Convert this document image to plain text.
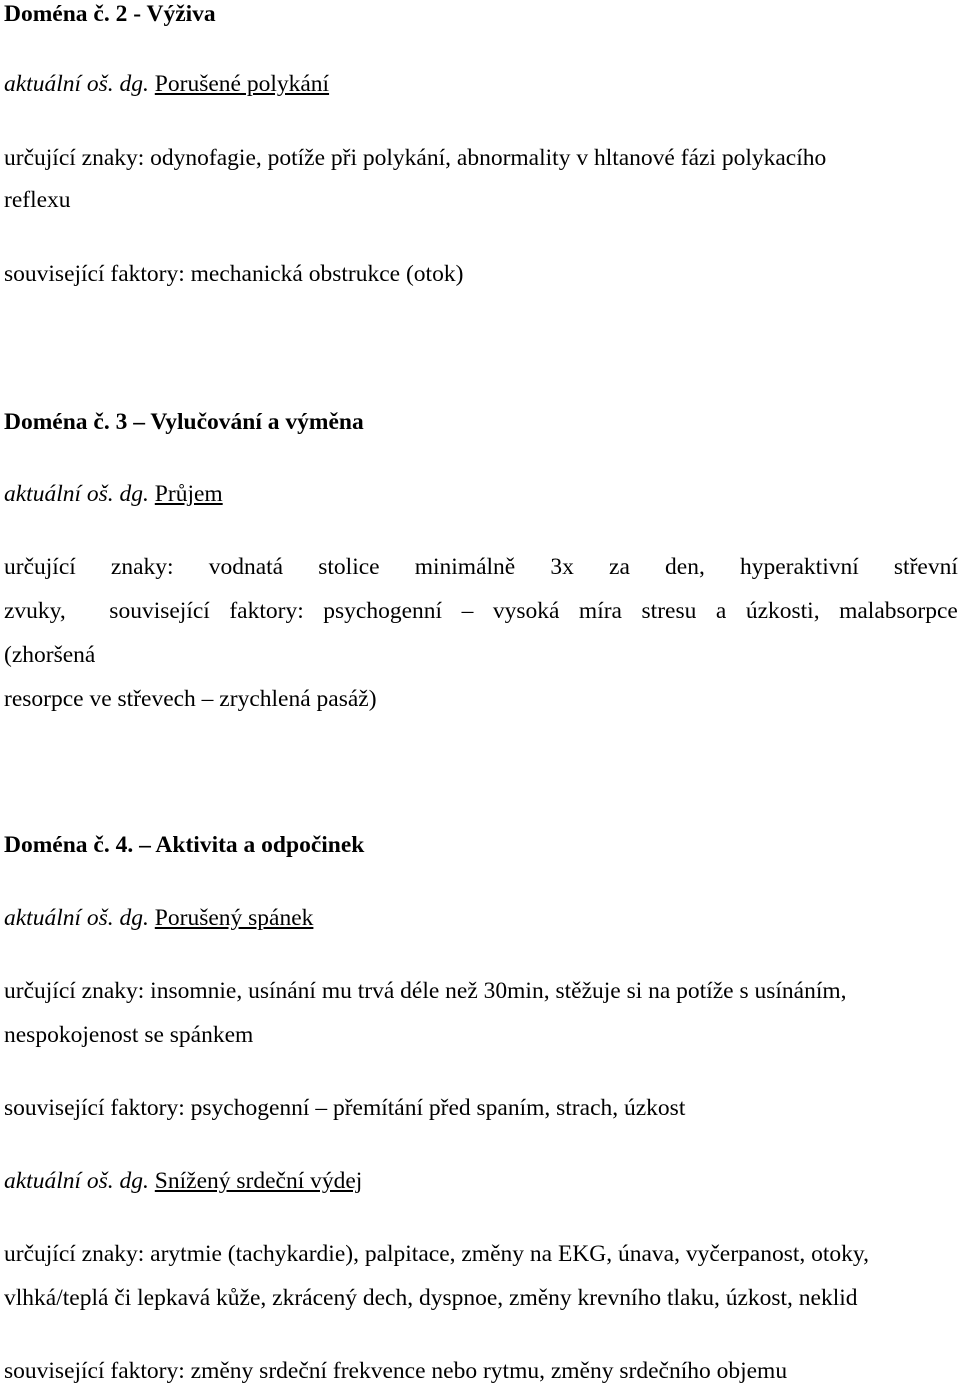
Doména č. 2 - Výživa
aktuální oš. dg. Porušené polykání
určující znaky: odynofagie, potíže při polykání, abnormality v hltanové fázi polykacího
reflexu
související faktory: mechanická obstrukce (otok)
Doména č. 3 – Vylučování a výměna
aktuální oš. dg. Průjem
určující znaky: vodnatá stolice minimálně 3x za den, hyperaktivní střevní
zvuky, související faktory: psychogenní – vysoká míra stresu a úzkosti, malabsorpce
(zhoršená
resorpce ve střevech – zrychlená pasáž)
Doména č. 4. – Aktivita a odpočinek
aktuální oš. dg. Porušený spánek
určující znaky: insomnie, usínání mu trvá déle než 30min, stěžuje si na potíže s usínáním,
nespokojenost se spánkem
související faktory: psychogenní – přemítání před spaním, strach, úzkost
aktuální oš. dg. Snížený srdeční výdej
určující znaky: arytmie (tachykardie), palpitace, změny na EKG, únava, vyčerpanost, otoky,
vlhká/teplá či lepkavá kůže, zkrácený dech, dyspnoe, změny krevního tlaku, úzkost, neklid
související faktory: změny srdeční frekvence nebo rytmu, změny srdečního objemu
